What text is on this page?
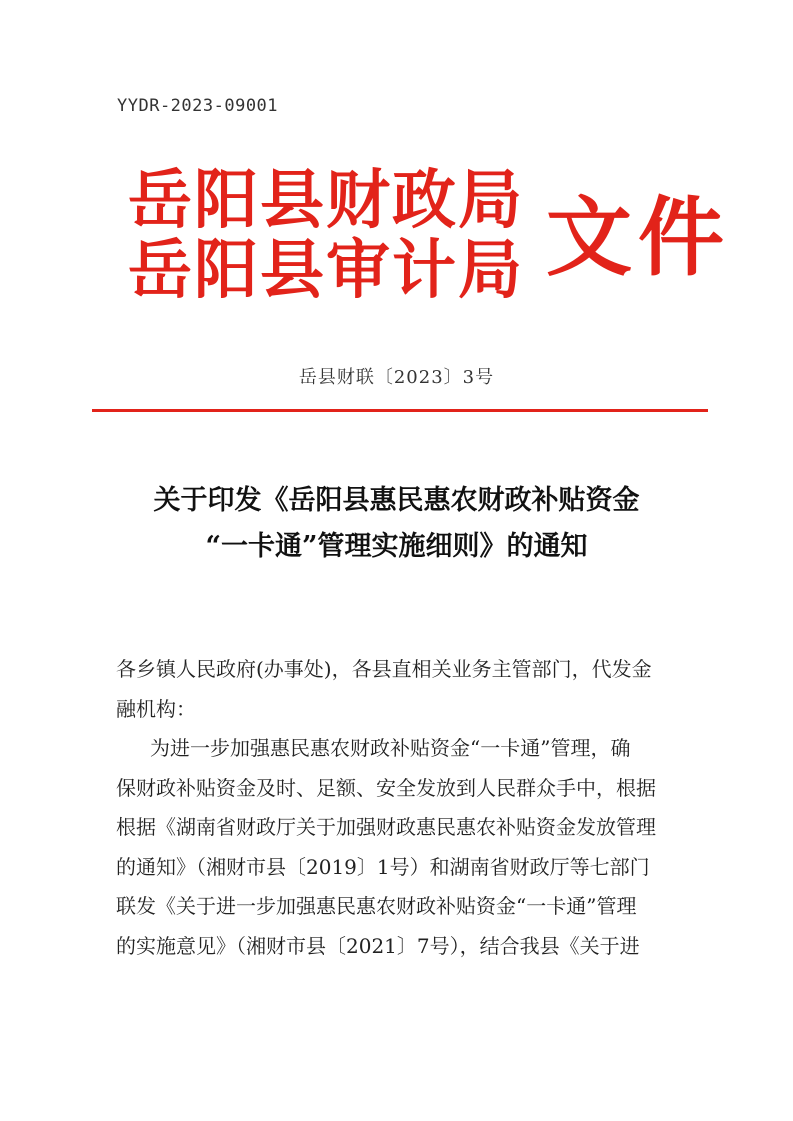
YYDR-2023-09001
岳阳县财政局
岳阳县审计局 文件
岳县财联〔2023〕3号
关于印发《岳阳县惠民惠农财政补贴资金
“一卡通”管理实施细则》的通知
各乡镇人民政府(办事处)，各县直相关业务主管部门，代发金
融机构：
为进一步加强惠民惠农财政补贴资金“一卡通”管理，确
保财政补贴资金及时、足额、安全发放到人民群众手中，根据
根据《湖南省财政厅关于加强财政惠民惠农补贴资金发放管理
的通知》（湘财市县〔2019〕1号）和湖南省财政厅等七部门
联发《关于进一步加强惠民惠农财政补贴资金“一卡通”管理
的实施意见》（湘财市县〔2021〕7号），结合我县《关于进
